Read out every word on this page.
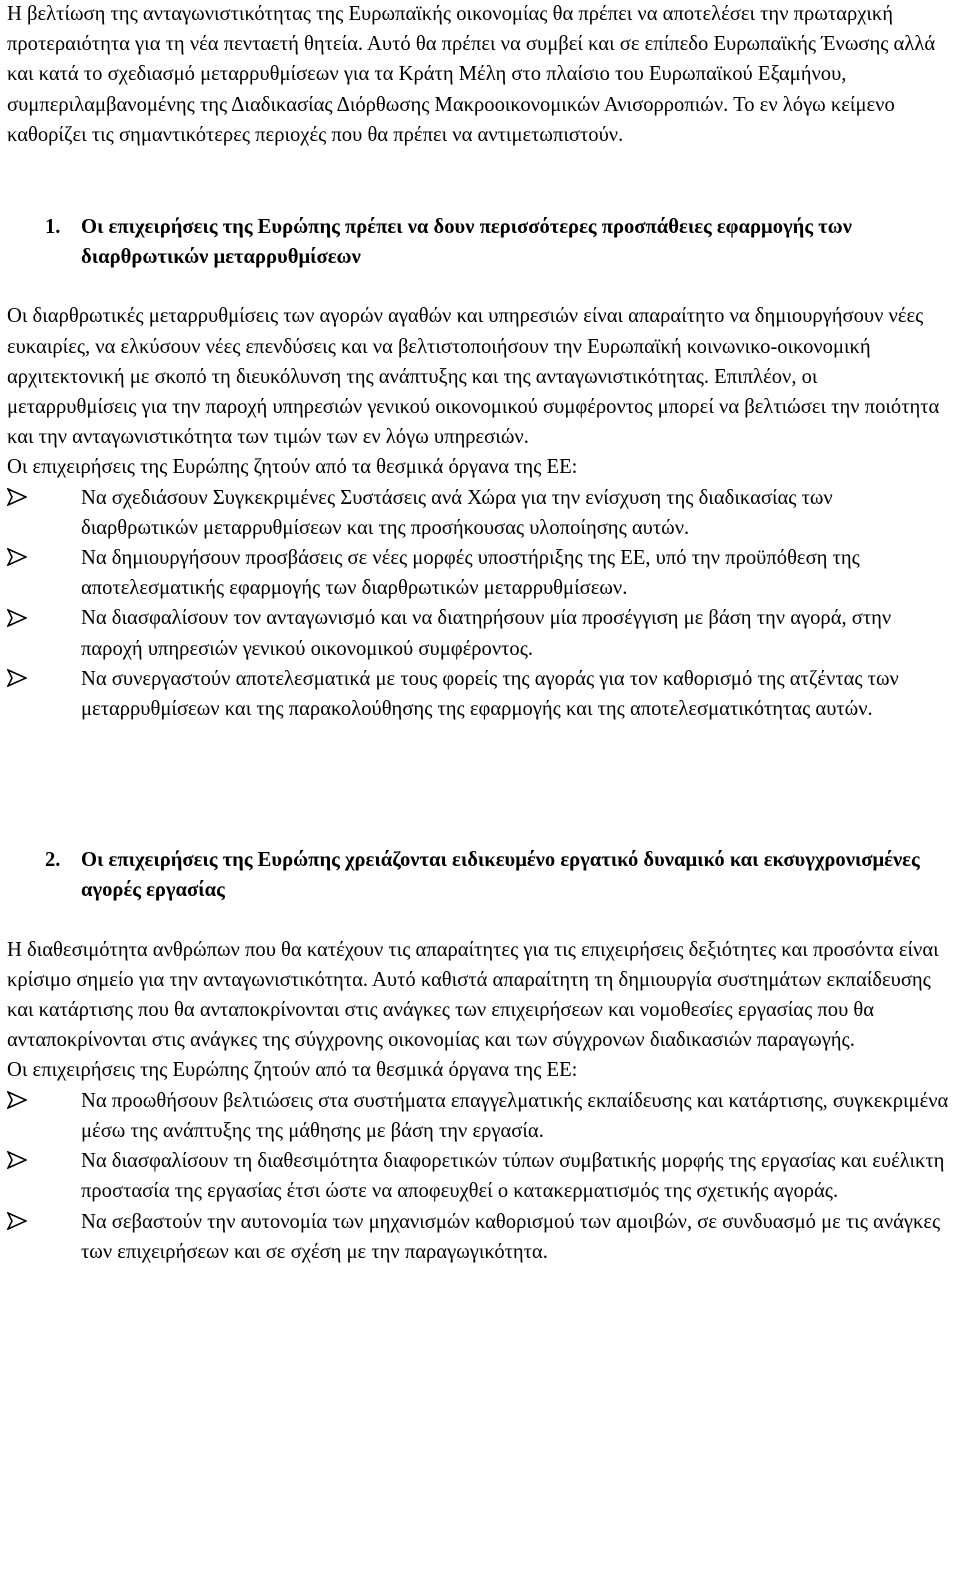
Η βελτίωση της ανταγωνιστικότητας της Ευρωπαϊκής οικονομίας θα πρέπει να αποτελέσει την πρωταρχική προτεραιότητα για τη νέα πενταετή θητεία. Αυτό θα πρέπει να συμβεί και σε επίπεδο Ευρωπαϊκής Ένωσης αλλά και κατά το σχεδιασμό μεταρρυθμίσεων για τα Κράτη Μέλη στο πλαίσιο του Ευρωπαϊκού Εξαμήνου, συμπεριλαμβανομένης της Διαδικασίας Διόρθωσης Μακροοικονομικών Ανισορροπιών. Το εν λόγω κείμενο καθορίζει τις σημαντικότερες περιοχές που θα πρέπει να αντιμετωπιστούν.

1. Οι επιχειρήσεις της Ευρώπης πρέπει να δουν περισσότερες προσπάθειες εφαρμογής των διαρθρωτικών μεταρρυθμίσεων

Οι διαρθρωτικές μεταρρυθμίσεις των αγορών αγαθών και υπηρεσιών είναι απαραίτητο να δημιουργήσουν νέες ευκαιρίες, να ελκύσουν νέες επενδύσεις και να βελτιστοποιήσουν την Ευρωπαϊκή κοινωνικο-οικονομική αρχιτεκτονική με σκοπό τη διευκόλυνση της ανάπτυξης και της ανταγωνιστικότητας. Επιπλέον, οι μεταρρυθμίσεις για την παροχή υπηρεσιών γενικού οικονομικού συμφέροντος μπορεί να βελτιώσει την ποιότητα και την ανταγωνιστικότητα των τιμών των εν λόγω υπηρεσιών.

Οι επιχειρήσεις της Ευρώπης ζητούν από τα θεσμικά όργανα της ΕΕ:

Να σχεδιάσουν Συγκεκριμένες Συστάσεις ανά Χώρα για την ενίσχυση της διαδικασίας των διαρθρωτικών μεταρρυθμίσεων και της προσήκουσας υλοποίησης αυτών.
Να δημιουργήσουν προσβάσεις σε νέες μορφές υποστήριξης της ΕΕ, υπό την προϋπόθεση της αποτελεσματικής εφαρμογής των διαρθρωτικών μεταρρυθμίσεων.
Να διασφαλίσουν τον ανταγωνισμό και να διατηρήσουν μία προσέγγιση με βάση την αγορά, στην παροχή υπηρεσιών γενικού οικονομικού συμφέροντος.
Να συνεργαστούν αποτελεσματικά με τους φορείς της αγοράς για τον καθορισμό της ατζέντας των μεταρρυθμίσεων και της παρακολούθησης της εφαρμογής και της αποτελεσματικότητας αυτών.
2. Οι επιχειρήσεις της Ευρώπης χρειάζονται ειδικευμένο εργατικό δυναμικό και εκσυγχρονισμένες αγορές εργασίας

Η διαθεσιμότητα ανθρώπων που θα κατέχουν τις απαραίτητες για τις επιχειρήσεις δεξιότητες και προσόντα είναι κρίσιμο σημείο για την ανταγωνιστικότητα. Αυτό καθιστά απαραίτητη τη δημιουργία συστημάτων εκπαίδευσης και κατάρτισης που θα ανταποκρίνονται στις ανάγκες των επιχειρήσεων και νομοθεσίες εργασίας που θα ανταποκρίνονται στις ανάγκες της σύγχρονης οικονομίας και των σύγχρονων διαδικασιών παραγωγής.

Οι επιχειρήσεις της Ευρώπης ζητούν από τα θεσμικά όργανα της ΕΕ:

Να προωθήσουν βελτιώσεις στα συστήματα επαγγελματικής εκπαίδευσης και κατάρτισης, συγκεκριμένα μέσω της ανάπτυξης της μάθησης με βάση την εργασία.
Να διασφαλίσουν τη διαθεσιμότητα διαφορετικών τύπων συμβατικής μορφής της εργασίας και ευέλικτη προστασία της εργασίας έτσι ώστε να αποφευχθεί ο κατακερματισμός της σχετικής αγοράς.
Να σεβαστούν την αυτονομία των μηχανισμών καθορισμού των αμοιβών, σε συνδυασμό με τις ανάγκες των επιχειρήσεων και σε σχέση με την παραγωγικότητα.
